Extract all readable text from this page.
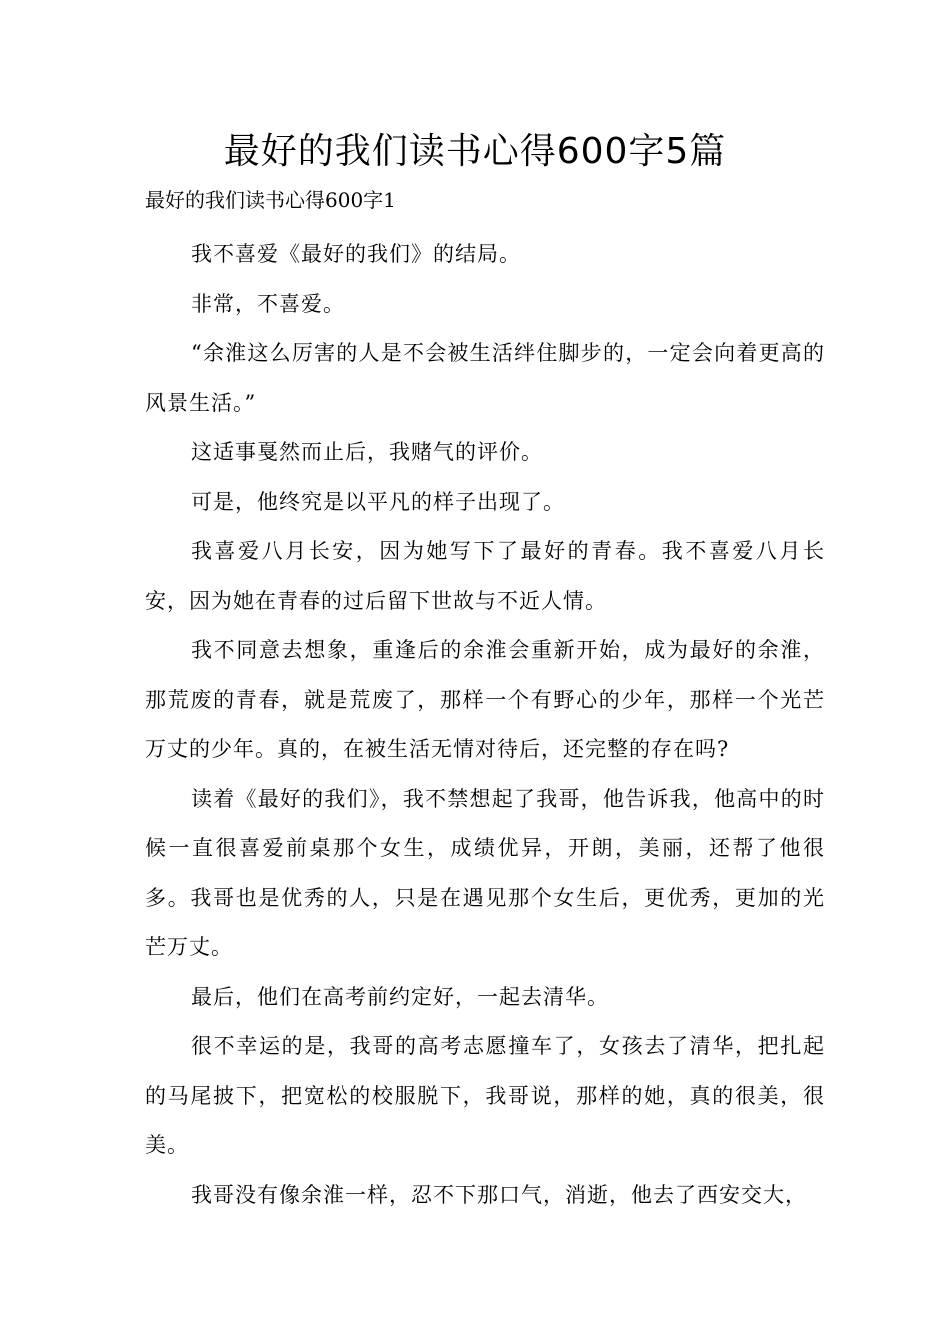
最好的我们读书心得600字5篇
最好的我们读书心得600字1

我不喜爱《最好的我们》的结局。

非常，不喜爱。

“余淮这么厉害的人是不会被生活绊住脚步的，一定会向着更高的风景生活。”

这适事戛然而止后，我赌气的评价。

可是，他终究是以平凡的样子出现了。

我喜爱八月长安，因为她写下了最好的青春。我不喜爱八月长安，因为她在青春的过后留下世故与不近人情。

我不同意去想象，重逢后的余淮会重新开始，成为最好的余淮，那荒废的青春，就是荒废了，那样一个有野心的少年，那样一个光芒万丈的少年。真的，在被生活无情对待后，还完整的存在吗?

读着《最好的我们》，我不禁想起了我哥，他告诉我，他高中的时候一直很喜爱前桌那个女生，成绩优异，开朗，美丽，还帮了他很多。我哥也是优秀的人，只是在遇见那个女生后，更优秀，更加的光芒万丈。

最后，他们在高考前约定好，一起去清华。

很不幸运的是，我哥的高考志愿撞车了，女孩去了清华，把扎起的马尾披下，把宽松的校服脱下，我哥说，那样的她，真的很美，很美。

我哥没有像余淮一样，忍不下那口气，消逝，他去了西安交大，
